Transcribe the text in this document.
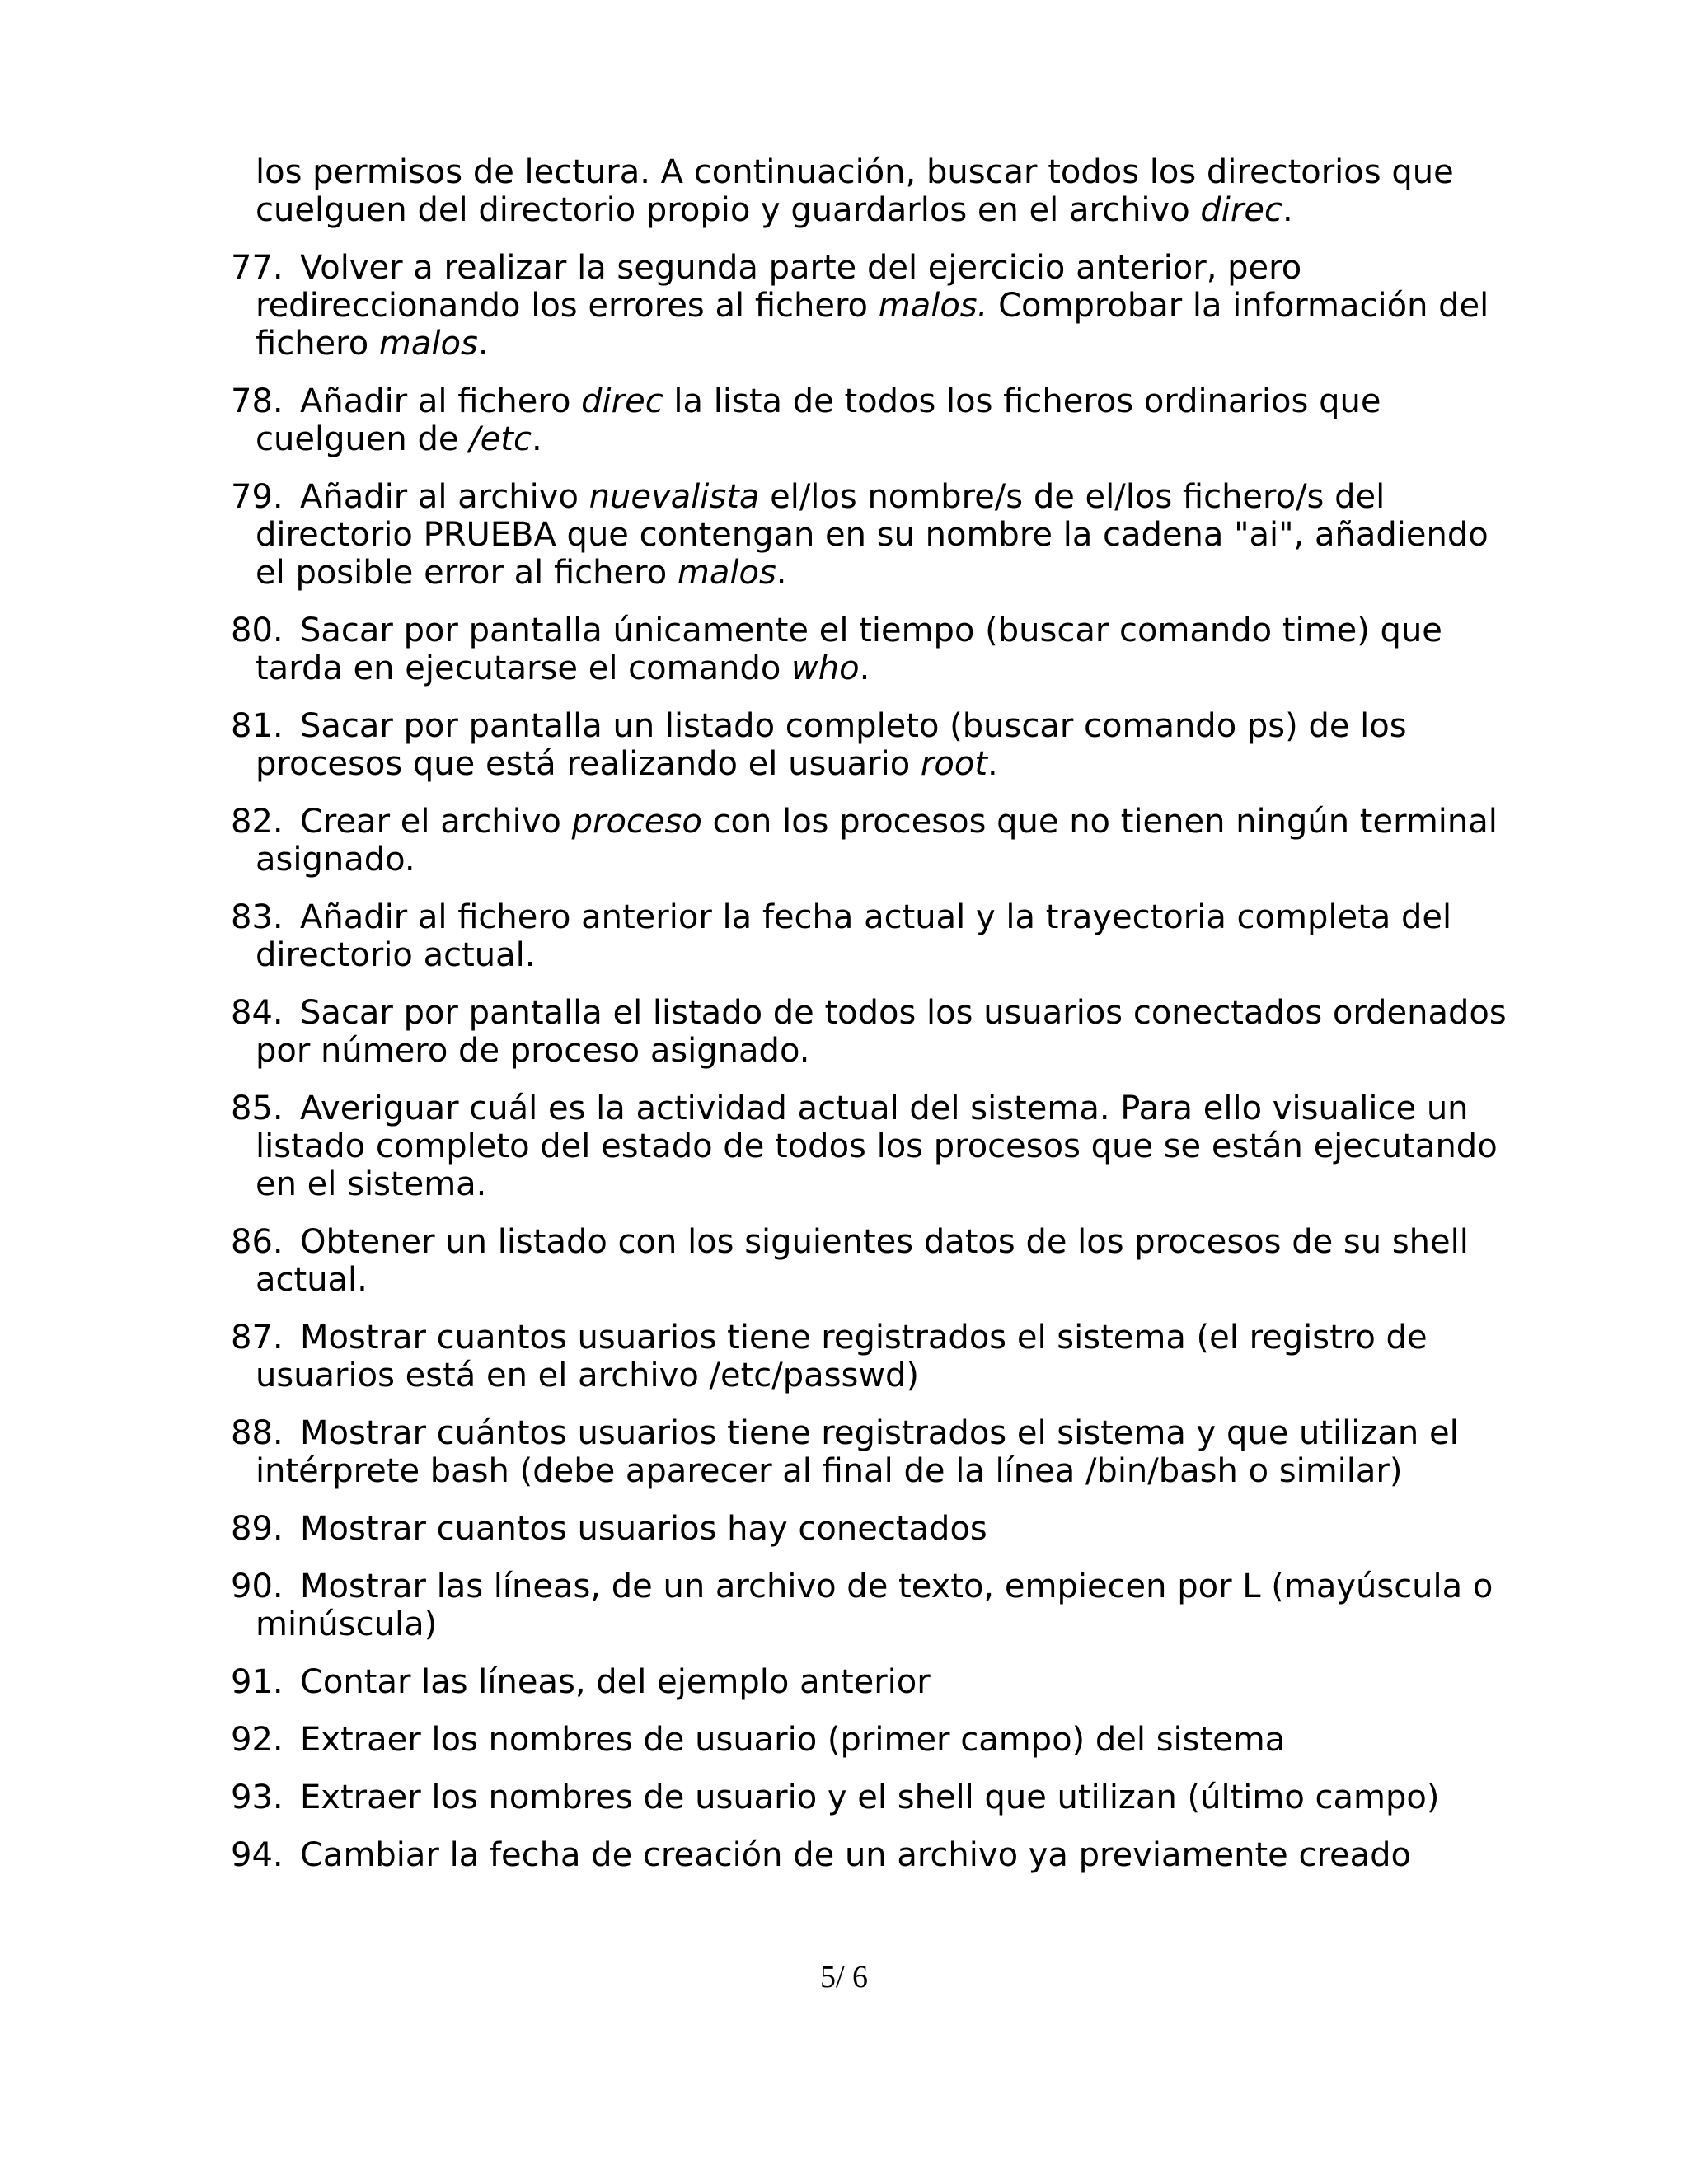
los permisos de lectura. A continuación, buscar todos los directorios que
cuelguen del directorio propio y guardarlos en el archivo direc.
77. Volver a realizar la segunda parte del ejercicio anterior, pero
redireccionando los errores al fichero malos. Comprobar la información del
fichero malos.
78. Añadir al fichero direc la lista de todos los ficheros ordinarios que
cuelguen de /etc.
79. Añadir al archivo nuevalista el/los nombre/s de el/los fichero/s del
directorio PRUEBA que contengan en su nombre la cadena "ai", añadiendo
el posible error al fichero malos.
80. Sacar por pantalla únicamente el tiempo (buscar comando time) que
tarda en ejecutarse el comando who.
81. Sacar por pantalla un listado completo (buscar comando ps) de los
procesos que está realizando el usuario root.
82. Crear el archivo proceso con los procesos que no tienen ningún terminal
asignado.
83. Añadir al fichero anterior la fecha actual y la trayectoria completa del
directorio actual.
84. Sacar por pantalla el listado de todos los usuarios conectados ordenados
por número de proceso asignado.
85. Averiguar cuál es la actividad actual del sistema. Para ello visualice un
listado completo del estado de todos los procesos que se están ejecutando
en el sistema.
86. Obtener un listado con los siguientes datos de los procesos de su shell
actual.
87. Mostrar cuantos usuarios tiene registrados el sistema (el registro de
usuarios está en el archivo /etc/passwd)
88. Mostrar cuántos usuarios tiene registrados el sistema y que utilizan el
intérprete bash (debe aparecer al final de la línea /bin/bash o similar)
89. Mostrar cuantos usuarios hay conectados
90. Mostrar las líneas, de un archivo de texto, empiecen por L (mayúscula o
minúscula)
91. Contar las líneas, del ejemplo anterior
92. Extraer los nombres de usuario (primer campo) del sistema
93. Extraer los nombres de usuario y el shell que utilizan (último campo)
94. Cambiar la fecha de creación de un archivo ya previamente creado
5/ 6
